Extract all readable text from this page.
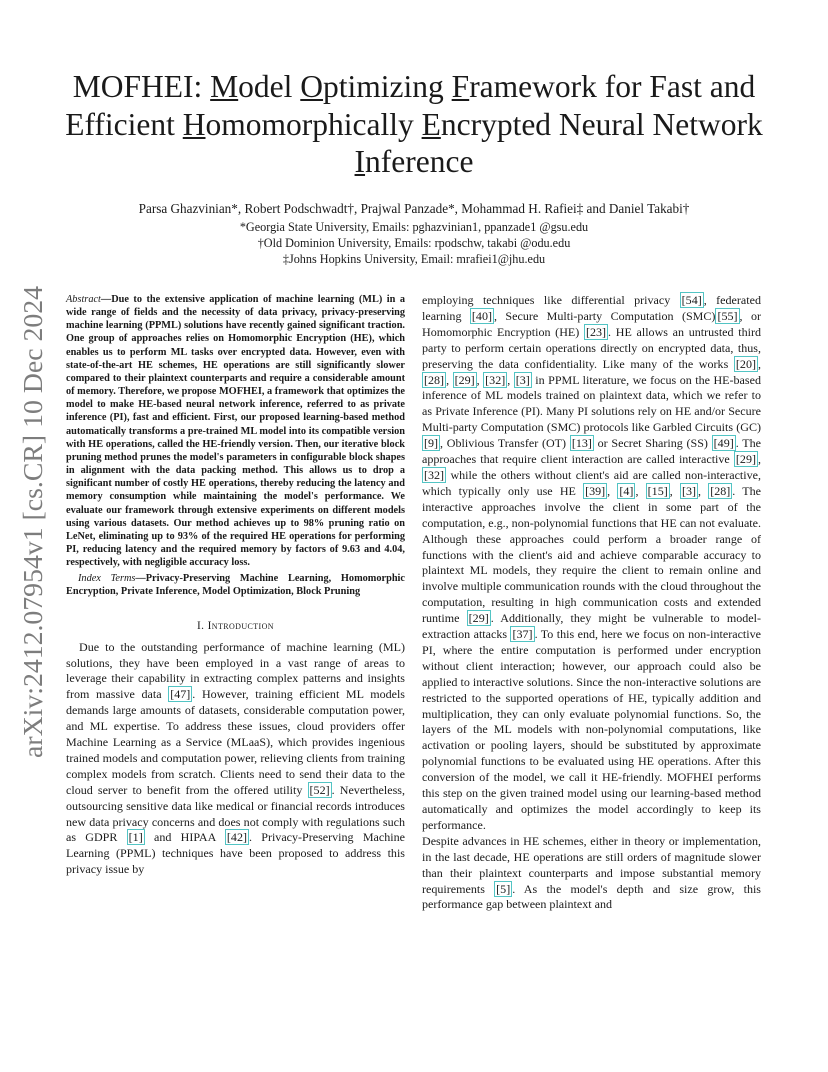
arXiv:2412.07954v1 [cs.CR] 10 Dec 2024
MOFHEI: Model Optimizing Framework for Fast and Efficient Homomorphically Encrypted Neural Network Inference
Parsa Ghazvinian*, Robert Podschwadt†, Prajwal Panzade*, Mohammad H. Rafiei‡ and Daniel Takabi†
*Georgia State University, Emails: pghazvinian1, ppanzade1 @gsu.edu
†Old Dominion University, Emails: rpodschw, takabi @odu.edu
‡Johns Hopkins University, Email: mrafiei1@jhu.edu

Abstract—Due to the extensive application of machine learning (ML) in a wide range of fields and the necessity of data privacy, privacy-preserving machine learning (PPML) solutions have recently gained significant traction. One group of approaches relies on Homomorphic Encryption (HE), which enables us to perform ML tasks over encrypted data. However, even with state-of-the-art HE schemes, HE operations are still significantly slower compared to their plaintext counterparts and require a considerable amount of memory. Therefore, we propose MOFHEI, a framework that optimizes the model to make HE-based neural network inference, referred to as private inference (PI), fast and efficient. First, our proposed learning-based method automatically transforms a pre-trained ML model into its compatible version with HE operations, called the HE-friendly version. Then, our iterative block pruning method prunes the model's parameters in configurable block shapes in alignment with the data packing method. This allows us to drop a significant number of costly HE operations, thereby reducing the latency and memory consumption while maintaining the model's performance. We evaluate our framework through extensive experiments on different models using various datasets. Our method achieves up to 98% pruning ratio on LeNet, eliminating up to 93% of the required HE operations for performing PI, reducing latency and the required memory by factors of 9.63 and 4.04, respectively, with negligible accuracy loss.

Index Terms—Privacy-Preserving Machine Learning, Homomorphic Encryption, Private Inference, Model Optimization, Block Pruning

I. Introduction

Due to the outstanding performance of machine learning (ML) solutions, they have been employed in a vast range of areas to leverage their capability in extracting complex patterns and insights from massive data [47] . However, training efficient ML models demands large amounts of datasets, considerable computation power, and ML expertise. To address these issues, cloud providers offer Machine Learning as a Service (MLaaS), which provides ingenious trained models and computation power, relieving clients from training complex models from scratch. Clients need to send their data to the cloud server to benefit from the offered utility [52] . Nevertheless, outsourcing sensitive data like medical or financial records introduces new data privacy concerns and does not comply with regulations such as GDPR [1] and HIPAA [42] . Privacy-Preserving Machine Learning (PPML) techniques have been proposed to address this privacy issue by

employing techniques like differential privacy [54] , federated learning [40] , Secure Multi-party Computation (SMC) [55] , or Homomorphic Encryption (HE) [23] . HE allows an untrusted third party to perform certain operations directly on encrypted data, thus, preserving the data confidentiality. Like many of the works [20] , [28] , [29] , [32] , [3] in PPML literature, we focus on the HE-based inference of ML models trained on plaintext data, which we refer to as Private Inference (PI). Many PI solutions rely on HE and/or Secure Multi-party Computation (SMC) protocols like Garbled Circuits (GC) [9] , Oblivious Transfer (OT) [13] or Secret Sharing (SS) [49] . The approaches that require client interaction are called interactive [29] , [32] while the others without client's aid are called non-interactive, which typically only use HE [39] , [4] , [15] , [3] , [28] . The interactive approaches involve the client in some part of the computation, e.g., non-polynomial functions that HE can not evaluate. Although these approaches could perform a broader range of functions with the client's aid and achieve comparable accuracy to plaintext ML models, they require the client to remain online and involve multiple communication rounds with the cloud throughout the computation, resulting in high communication costs and extended runtime [29] . Additionally, they might be vulnerable to model-extraction attacks [37] . To this end, here we focus on non-interactive PI, where the entire computation is performed under encryption without client interaction; however, our approach could also be applied to interactive solutions. Since the non-interactive solutions are restricted to the supported operations of HE, typically addition and multiplication, they can only evaluate polynomial functions. So, the layers of the ML models with non-polynomial computations, like activation or pooling layers, should be substituted by approximate polynomial functions to be evaluated using HE operations. After this conversion of the model, we call it HE-friendly. MOFHEI performs this step on the given trained model using our learning-based method automatically and optimizes the model accordingly to keep its performance.

Despite advances in HE schemes, either in theory or implementation, in the last decade, HE operations are still orders of magnitude slower than their plaintext counterparts and impose substantial memory requirements [5] . As the model's depth and size grow, this performance gap between plaintext and
